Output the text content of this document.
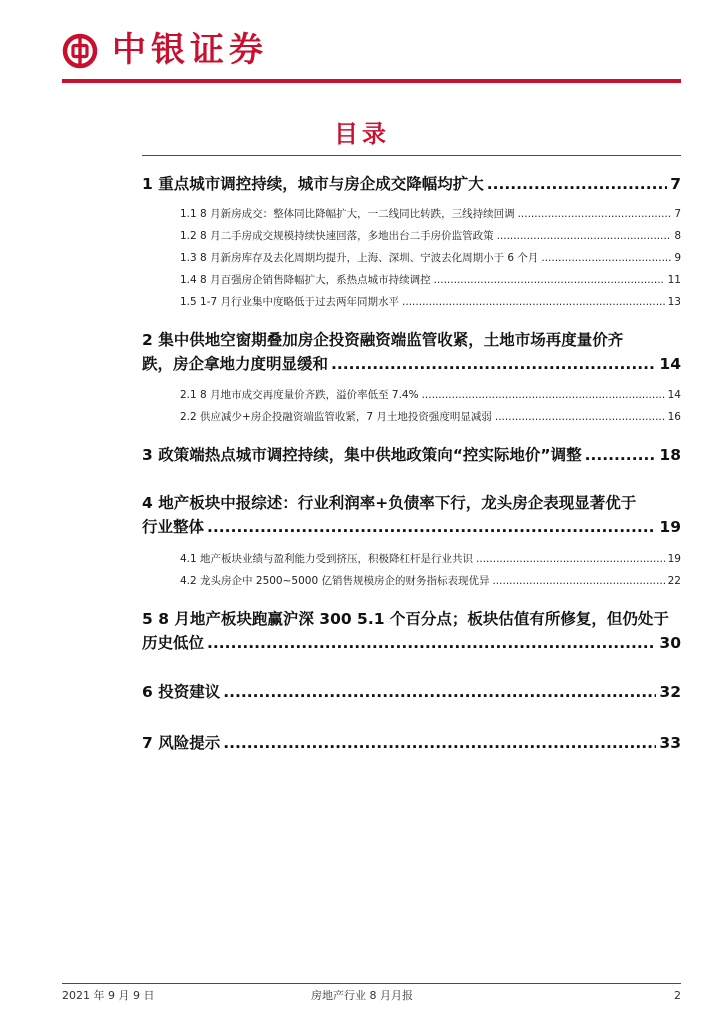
中银证券
目录
1 重点城市调控持续，城市与房企成交降幅均扩大 .....	7
1.1 8 月新房成交：整体同比降幅扩大，一二线同比转跌，三线持续回调 .....	7
1.2 8 月二手房成交规模持续快速回落，多地出台二手房价监管政策 .....	8
1.3 8 月新房库存及去化周期均提升，上海、深圳、宁波去化周期小于 6 个月 .....	9
1.4 8 月百强房企销售降幅扩大，系热点城市持续调控 .....	11
1.5 1-7 月行业集中度略低于过去两年同期水平 .....	13
2 集中供地空窗期叠加房企投资融资端监管收紧，土地市场再度量价齐
跌，房企拿地力度明显缓和 .....	14
2.1 8 月地市成交再度量价齐跌，溢价率低至 7.4% .....	14
2.2 供应减少+房企投融资端监管收紧，7 月土地投资强度明显减弱 .....	16
3 政策端热点城市调控持续，集中供地政策向“控实际地价”调整 .....	18
4 地产板块中报综述：行业利润率+负债率下行，龙头房企表现显著优于
行业整体 .....	19
4.1 地产板块业绩与盈利能力受到挤压，积极降杠杆是行业共识 .....	19
4.2 龙头房企中 2500~5000 亿销售规模房企的财务指标表现优异 .....	22
5 8 月地产板块跑赢沪深 300 5.1 个百分点；板块估值有所修复，但仍处于
历史低位 .....	30
6 投资建议 .....	32
7 风险提示 .....	33
2021 年 9 月 9 日	房地产行业 8 月月报	2
